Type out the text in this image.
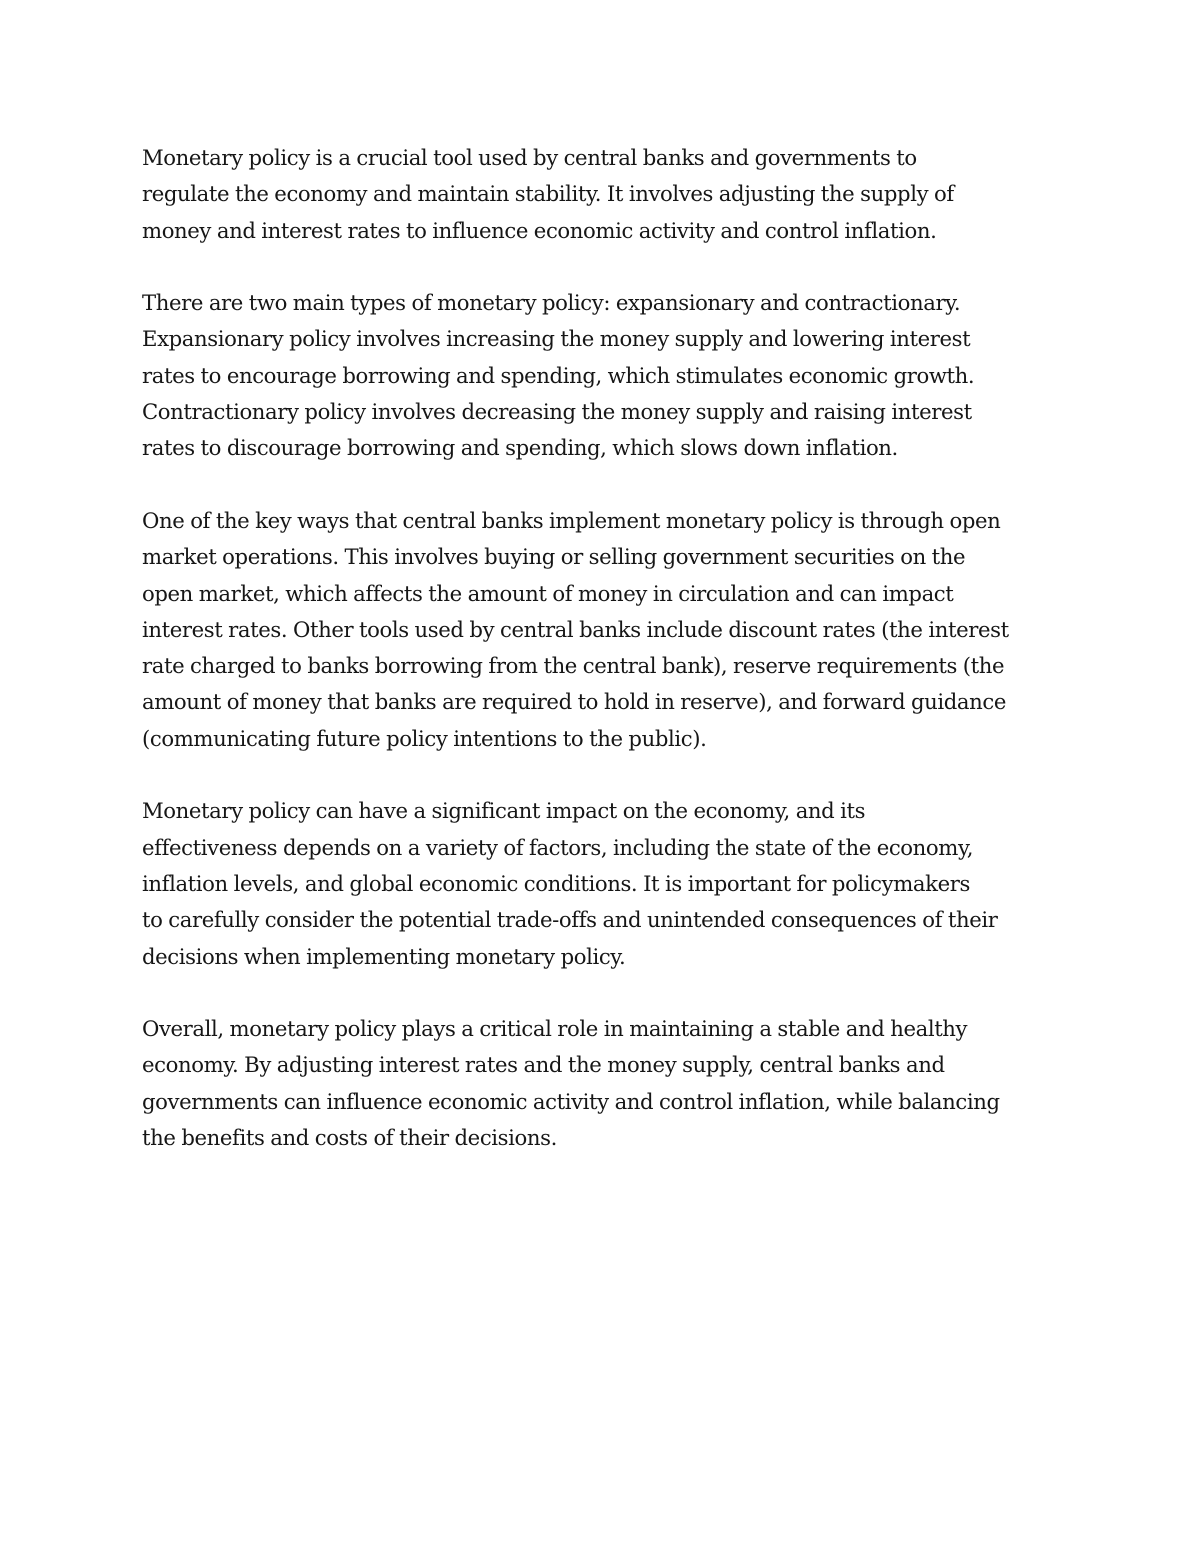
Monetary policy is a crucial tool used by central banks and governments to
regulate the economy and maintain stability. It involves adjusting the supply of
money and interest rates to influence economic activity and control inflation.
There are two main types of monetary policy: expansionary and contractionary.
Expansionary policy involves increasing the money supply and lowering interest
rates to encourage borrowing and spending, which stimulates economic growth.
Contractionary policy involves decreasing the money supply and raising interest
rates to discourage borrowing and spending, which slows down inflation.
One of the key ways that central banks implement monetary policy is through open
market operations. This involves buying or selling government securities on the
open market, which affects the amount of money in circulation and can impact
interest rates. Other tools used by central banks include discount rates (the interest
rate charged to banks borrowing from the central bank), reserve requirements (the
amount of money that banks are required to hold in reserve), and forward guidance
(communicating future policy intentions to the public).
Monetary policy can have a significant impact on the economy, and its
effectiveness depends on a variety of factors, including the state of the economy,
inflation levels, and global economic conditions. It is important for policymakers
to carefully consider the potential trade-offs and unintended consequences of their
decisions when implementing monetary policy.
Overall, monetary policy plays a critical role in maintaining a stable and healthy
economy. By adjusting interest rates and the money supply, central banks and
governments can influence economic activity and control inflation, while balancing
the benefits and costs of their decisions.
